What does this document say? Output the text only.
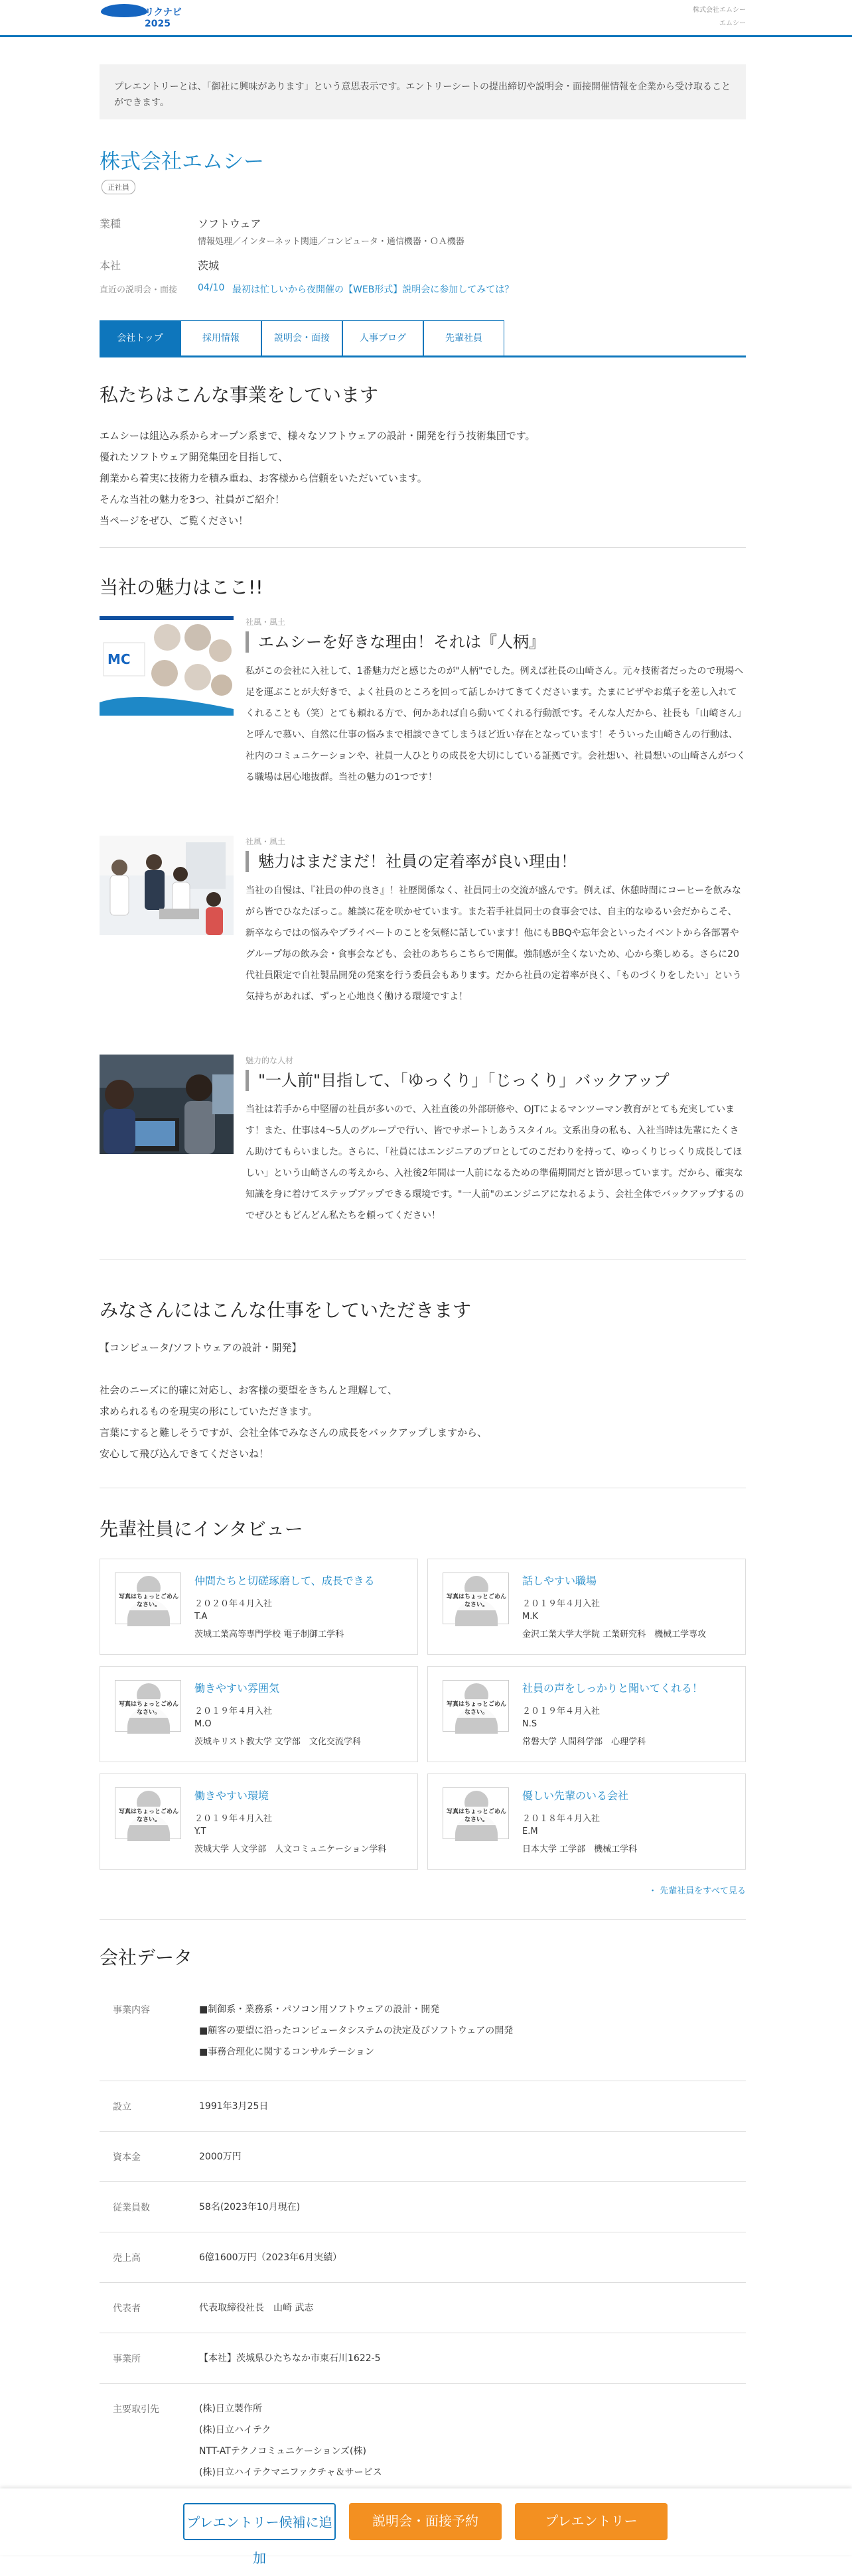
リクナビ2025
株式会社エムシー
エムシー
プレエントリーとは、「御社に興味があります」という意思表示です。エントリーシートの提出締切や説明会・面接開催情報を企業から受け取ることができます。
株式会社エムシー
正社員
業種	ソフトウェア
情報処理／インターネット関連／コンピュータ・通信機器・ＯＡ機器
本社	茨城
直近の説明会・面接 04/10 最初は忙しいから夜開催の【WEB形式】説明会に参加してみては？
会社トップ	採用情報	説明会・面接	人事ブログ	先輩社員
私たちはこんな事業をしています
エムシーは組込み系からオープン系まで、様々なソフトウェアの設計・開発を行う技術集団です。
優れたソフトウェア開発集団を目指して、
創業から着実に技術力を積み重ね、お客様から信頼をいただいています。
そんな当社の魅力を3つ、社員がご紹介！
当ページをぜひ、ご覧ください！
当社の魅力はここ!!
MC
社風・風土
エムシーを好きな理由！それは『人柄』
私がこの会社に入社して、1番魅力だと感じたのが"人柄"でした。例えば社長の山崎さん。元々技術者だったので現場へ足を運ぶことが大好きで、よく社員のところを回って話しかけてきてくださいます。たまにピザやお菓子を差し入れてくれることも（笑）とても頼れる方で、何かあれば自ら動いてくれる行動派です。そんな人だから、社長も「山崎さん」と呼んで慕い、自然に仕事の悩みまで相談できてしまうほど近い存在となっています！そういった山崎さんの行動は、社内のコミュニケーションや、社員一人ひとりの成長を大切にしている証拠です。会社想い、社員想いの山崎さんがつくる職場は居心地抜群。当社の魅力の1つです！
社風・風土
魅力はまだまだ！社員の定着率が良い理由！
当社の自慢は、『社員の仲の良さ』！社歴関係なく、社員同士の交流が盛んです。例えば、休憩時間にコーヒーを飲みながら皆でひなたぼっこ。雑談に花を咲かせています。また若手社員同士の食事会では、自主的なゆるい会だからこそ、新卒ならではの悩みやプライベートのことを気軽に話しています！他にもBBQや忘年会といったイベントから各部署やグループ毎の飲み会・食事会なども、会社のあちらこちらで開催。強制感が全くないため、心から楽しめる。さらに20代社員限定で自社製品開発の発案を行う委員会もあります。だから社員の定着率が良く、「ものづくりをしたい」という気持ちがあれば、ずっと心地良く働ける環境ですよ！
魅力的な人材
"一人前"目指して、「ゆっくり」「じっくり」バックアップ
当社は若手から中堅層の社員が多いので、入社直後の外部研修や、OJTによるマンツーマン教育がとても充実しています！また、仕事は4〜5人のグループで行い、皆でサポートしあうスタイル。文系出身の私も、入社当時は先輩にたくさん助けてもらいました。さらに、「社員にはエンジニアのプロとしてのこだわりを持って、ゆっくりじっくり成長してほしい」という山崎さんの考えから、入社後2年間は一人前になるための準備期間だと皆が思っています。だから、確実な知識を身に着けてステップアップできる環境です。"一人前"のエンジニアになれるよう、会社全体でバックアップするのでぜひともどんどん私たちを頼ってください！
みなさんにはこんな仕事をしていただきます
【コンピュータ/ソフトウェアの設計・開発】
社会のニーズに的確に対応し、お客様の要望をきちんと理解して、
求められるものを現実の形にしていただきます。
言葉にすると難しそうですが、会社全体でみなさんの成長をバックアップしますから、
安心して飛び込んできてくださいね！
先輩社員にインタビュー
写真はちょっとごめんなさい。
仲間たちと切磋琢磨して、成長できる
２０２０年４月入社
T.A
茨城工業高等専門学校 電子制御工学科
写真はちょっとごめんなさい。
話しやすい職場
２０１９年４月入社
M.K
金沢工業大学大学院 工業研究科　機械工学専攻
写真はちょっとごめんなさい。
働きやすい雰囲気
２０１９年４月入社
M.O
茨城キリスト教大学 文学部　文化交流学科
写真はちょっとごめんなさい。
社員の声をしっかりと聞いてくれる！
２０１９年４月入社
N.S
常磐大学 人間科学部　心理学科
写真はちょっとごめんなさい。
働きやすい環境
２０１９年４月入社
Y.T
茨城大学 人文学部　人文コミュニケーション学科
写真はちょっとごめんなさい。
優しい先輩のいる会社
２０１８年４月入社
E.M
日本大学 工学部　機械工学科
・ 先輩社員をすべて見る
会社データ
事業内容	■制御系・業務系・パソコン用ソフトウェアの設計・開発
■顧客の要望に沿ったコンピュータシステムの決定及びソフトウェアの開発
■事務合理化に関するコンサルテーション
設立	1991年3月25日
資本金	2000万円
従業員数	58名(2023年10月現在)
売上高	6億1600万円（2023年6月実績）
代表者	代表取締役社長　山崎 武志
事業所	【本社】茨城県ひたちなか市東石川1622-5
主要取引先	(株)日立製作所
(株)日立ハイテク
NTT-ATテクノコミュニケーションズ(株)
(株)日立ハイテクマニファクチャ＆サービス
プレエントリー候補に追加
説明会・面接予約	プレエントリー
